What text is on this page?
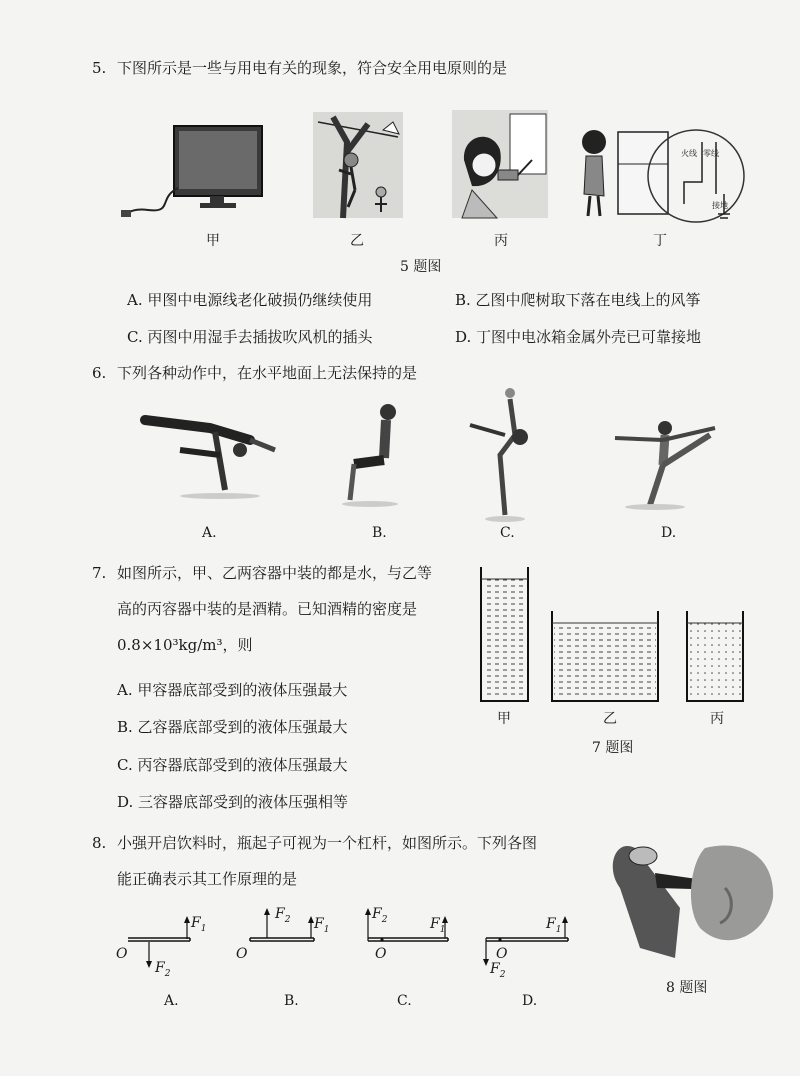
5. 下图所示是一些与用电有关的现象，符合安全用电原则的是
火线 零线
接地
甲	乙	丙	丁
5 题图
A. 甲图中电源线老化破损仍继续使用	B. 乙图中爬树取下落在电线上的风筝
C. 丙图中用湿手去插拔吹风机的插头	D. 丁图中电冰箱金属外壳已可靠接地
6. 下列各种动作中，在水平地面上无法保持的是
A.	B.	C.	D.
7. 如图所示，甲、乙两容器中装的都是水，与乙等
高的丙容器中装的是酒精。已知酒精的密度是
0.8×10³kg/m³，则
A. 甲容器底部受到的液体压强最大
B. 乙容器底部受到的液体压强最大
C. 丙容器底部受到的液体压强最大
D. 三容器底部受到的液体压强相等
甲	乙	丙
7 题图
8. 小强开启饮料时，瓶起子可视为一个杠杆，如图所示。下列各图
能正确表示其工作原理的是
8 题图
O
$F_1$
$F_2$
O
$F_2$ $F_1$
O
$F_2$	$F_1$
O
$F_2$
$F_1$
A.	B.	C.	D.
